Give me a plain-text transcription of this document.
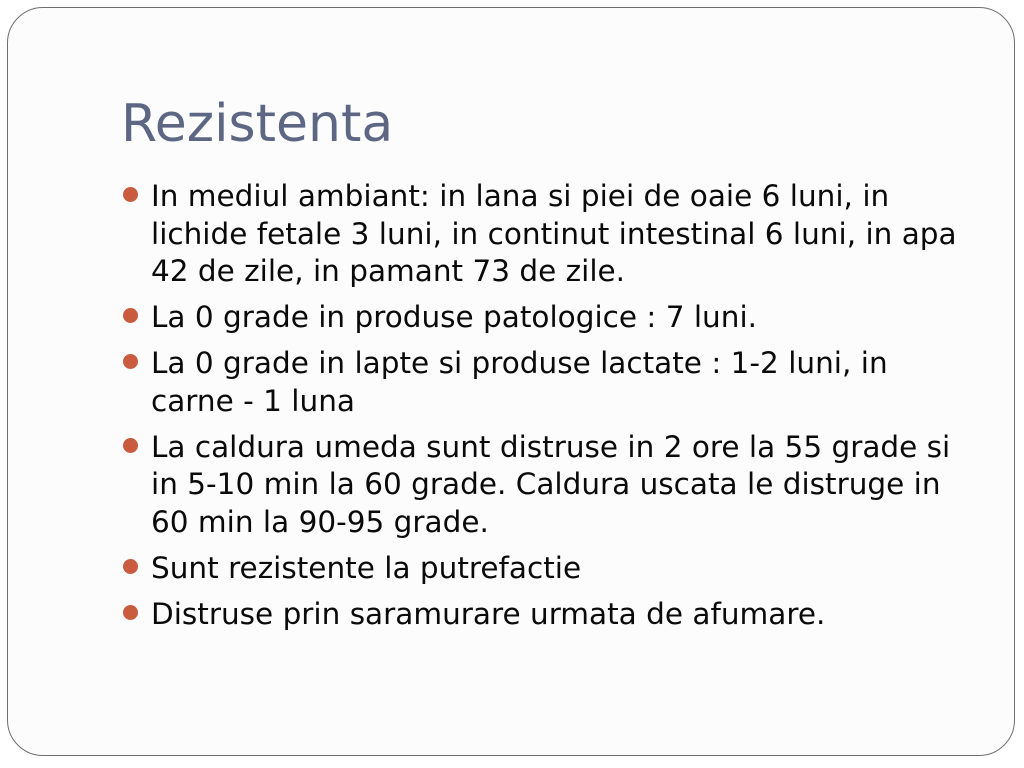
Rezistenta
In mediul ambiant: in lana si piei de oaie 6 luni, in lichide fetale 3 luni, in continut intestinal 6 luni, in apa 42 de zile, in pamant 73 de zile.
La 0 grade in produse patologice : 7 luni.
La 0 grade in lapte si produse lactate : 1-2 luni, in carne - 1 luna
La caldura umeda sunt distruse in 2 ore la 55 grade si in 5-10 min la 60 grade. Caldura uscata le distruge in 60 min la 90-95 grade.
Sunt rezistente la putrefactie
Distruse prin saramurare urmata de afumare.
